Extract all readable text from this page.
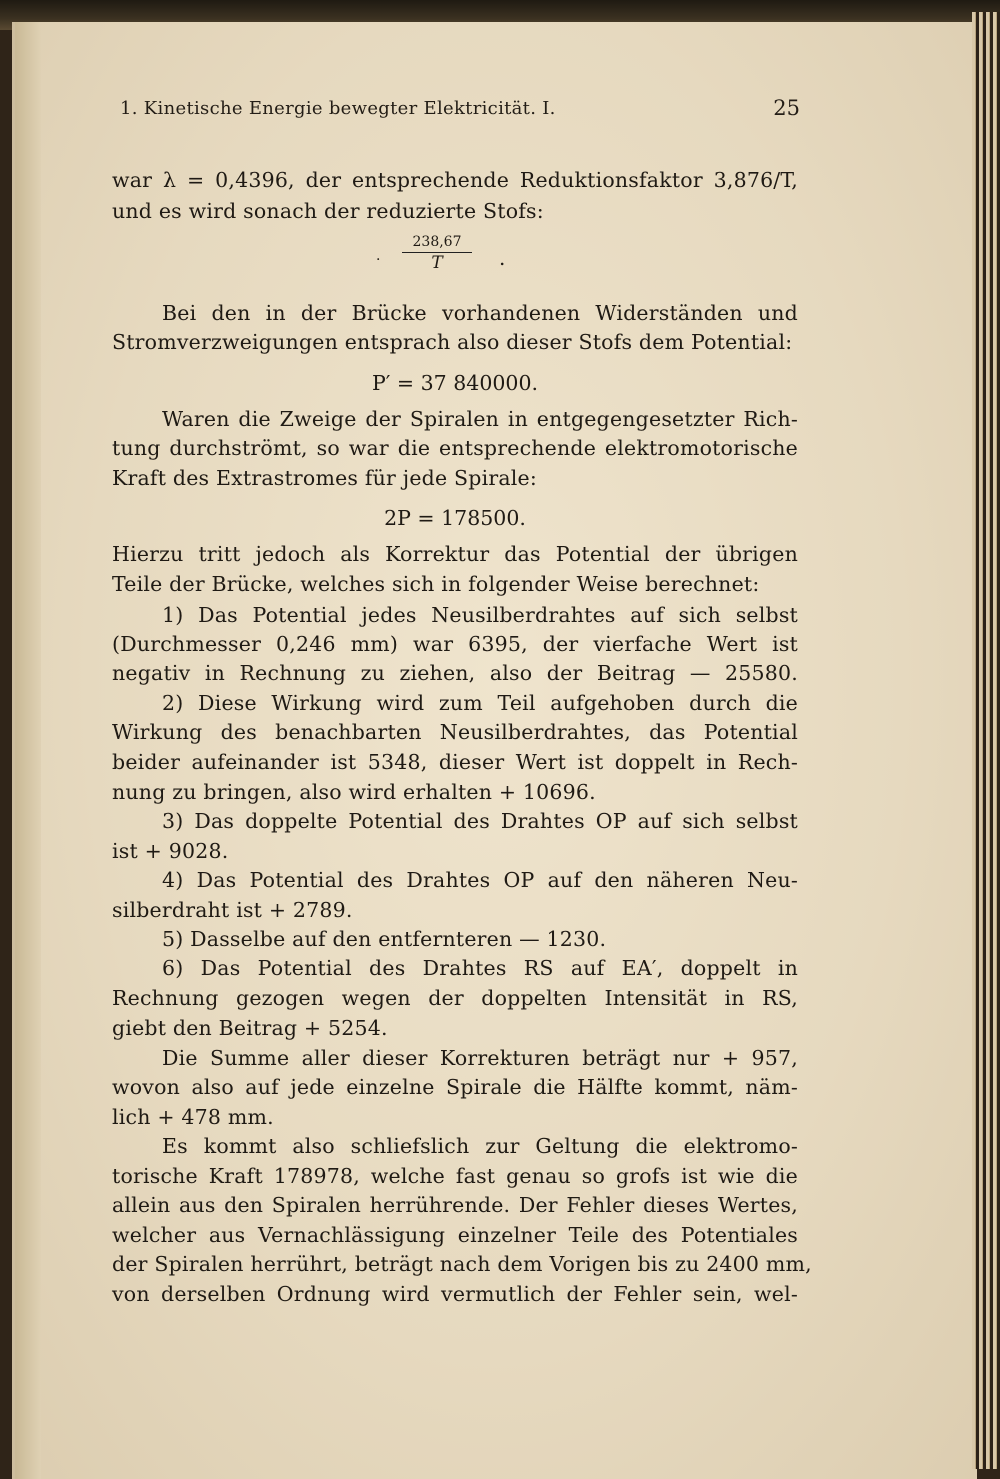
1. Kinetische Energie bewegter Elektricität. I.	25
war λ = 0,4396, der entsprechende Reduktionsfaktor 3,876/T,
und es wird sonach der reduzierte Stofs:
238,67
T
·	.
Bei den in der Brücke vorhandenen Widerständen und
Stromverzweigungen entsprach also dieser Stofs dem Potential:
P′ = 37 840000.
Waren die Zweige der Spiralen in entgegengesetzter Rich-
tung durchströmt, so war die entsprechende elektromotorische
Kraft des Extrastromes für jede Spirale:
2P = 178500.
Hierzu tritt jedoch als Korrektur das Potential der übrigen
Teile der Brücke, welches sich in folgender Weise berechnet:
1) Das Potential jedes Neusilberdrahtes auf sich selbst
(Durchmesser 0,246 mm) war 6395, der vierfache Wert ist
negativ in Rechnung zu ziehen, also der Beitrag — 25580.
2) Diese Wirkung wird zum Teil aufgehoben durch die
Wirkung des benachbarten Neusilberdrahtes, das Potential
beider aufeinander ist 5348, dieser Wert ist doppelt in Rech-
nung zu bringen, also wird erhalten + 10696.
3) Das doppelte Potential des Drahtes OP auf sich selbst
ist + 9028.
4) Das Potential des Drahtes OP auf den näheren Neu-
silberdraht ist + 2789.
5) Dasselbe auf den entfernteren — 1230.
6) Das Potential des Drahtes RS auf EA′, doppelt in
Rechnung gezogen wegen der doppelten Intensität in RS,
giebt den Beitrag + 5254.
Die Summe aller dieser Korrekturen beträgt nur + 957,
wovon also auf jede einzelne Spirale die Hälfte kommt, näm-
lich + 478 mm.
Es kommt also schliefslich zur Geltung die elektromo-
torische Kraft 178978, welche fast genau so grofs ist wie die
allein aus den Spiralen herrührende. Der Fehler dieses Wertes,
welcher aus Vernachlässigung einzelner Teile des Potentiales
der Spiralen herrührt, beträgt nach dem Vorigen bis zu 2400 mm,
von derselben Ordnung wird vermutlich der Fehler sein, wel-
